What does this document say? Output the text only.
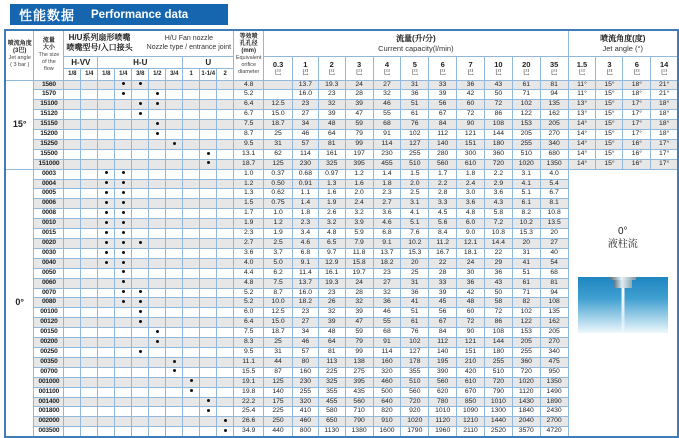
性能数据 Performance data
喷流角度
(3巴)
Jet angle
( 3 bar )	流量
大小
The size
of the
flow	
H/U系列扇形喷嘴
喷嘴型号/入口接头
H/U Fan nozzle
Nozzle type / entrance joint
	等效喷
孔孔径
(mm)
Equivalent
orifice
diameter	
流量(升/分)
Current capacity(l/min)

喷流角度(度)
Jet angle (°)

H-VV	H-U	U	0.3
巴

1
巴

2
巴

3
巴

4
巴

5
巴

6
巴

7
巴

10
巴

20
巴

35
巴

1.5
巴

3
巴

6
巴

14
巴

		1/8	1/4	1/8	1/4	3/8	1/2	3/4	1	1-1/4	2																
15°	1560											4.8		13.7	19.3	24	27	31	33	36	43	61	81	11°	15°	18°	21°
	1570											5.2		16.0	23	28	32	36	39	42	50	71	94	11°	15°	18°	21°
	15100											6.4	12.5	23	32	39	46	51	56	60	72	102	135	13°	15°	17°	18°
	15120											6.7	15.0	27	39	47	55	61	67	72	86	122	162	13°	15°	17°	18°
	15150											7.5	18.7	34	48	59	68	76	84	90	108	153	205	14°	15°	17°	18°
	15200											8.7	25	46	64	79	91	102	112	121	144	205	270	14°	15°	17°	18°
	15250											9.5	31	57	81	99	114	127	140	151	180	255	340	14°	15°	16°	17°
	15500											13.1	62	114	161	197	230	255	280	300	360	510	680	14°	15°	16°	17°
	151000											18.7	125	230	325	395	455	510	560	610	720	1020	1350	14°	15°	16°	17°
0°	0003											1.0	0.37	0.68	0.97	1.2	1.4	1.5	1.7	1.8	2.2	3.1	4.0	0°
液柱流			

	0004											1.2	0.50	0.91	1.3	1.6	1.8	2.0	2.2	2.4	2.9	4.1	5.4				
	0005											1.3	0.62	1.1	1.6	2.0	2.3	2.5	2.8	3.0	3.6	5.1	6.7				
	0006											1.5	0.75	1.4	1.9	2.4	2.7	3.1	3.3	3.6	4.3	6.1	8.1				
	0008											1.7	1.0	1.8	2.6	3.2	3.6	4.1	4.5	4.8	5.8	8.2	10.8				
	0010											1.9	1.2	2.3	3.2	3.9	4.6	5.1	5.6	6.0	7.2	10.2	13.5				
	0015											2.3	1.9	3.4	4.8	5.9	6.8	7.6	8.4	9.0	10.8	15.3	20				
	0020											2.7	2.5	4.6	6.5	7.9	9.1	10.2	11.2	12.1	14.4	20	27				
	0030											3.6	3.7	6.8	9.7	11.8	13.7	15.3	16.7	18.1	22	31	40				
	0040											4.0	5.0	9.1	12.9	15.8	18.2	20	22	24	29	41	54				
	0050											4.4	6.2	11.4	16.1	19.7	23	25	28	30	36	51	68				
	0060											4.8	7.5	13.7	19.3	24	27	31	33	36	43	61	81				
	0070											5.2	8.7	16.0	23	28	32	36	39	42	50	71	94				
	0080											5.2	10.0	18.2	26	32	36	41	45	48	58	82	108				
	00100											6.0	12.5	23	32	39	46	51	56	60	72	102	135				
	00120											6.4	15.0	27	39	47	55	61	67	72	86	122	162				
	00150											7.5	18.7	34	48	59	68	76	84	90	108	153	205				
	00200											8.3	25	46	64	79	91	102	112	121	144	205	270				
	00250											9.5	31	57	81	99	114	127	140	151	180	255	340				
	00350											11.1	44	80	113	138	160	178	195	210	255	360	475				
	00700											15.5	87	160	225	275	320	355	390	420	510	720	950				
	001000											19.1	125	230	325	395	460	510	560	610	720	1020	1350				
	001100											19.8	140	255	355	435	500	560	620	670	790	1120	1490				
	001400											22.2	175	320	455	560	640	720	780	850	1010	1430	1890				
	001800											25.4	225	410	580	710	820	920	1010	1090	1300	1840	2430				
	002000											26.6	250	460	650	790	910	1020	1120	1210	1440	2040	2700				
	003500											34.9	440	800	1130	1380	1600	1790	1960	2110	2520	3570	4720				
